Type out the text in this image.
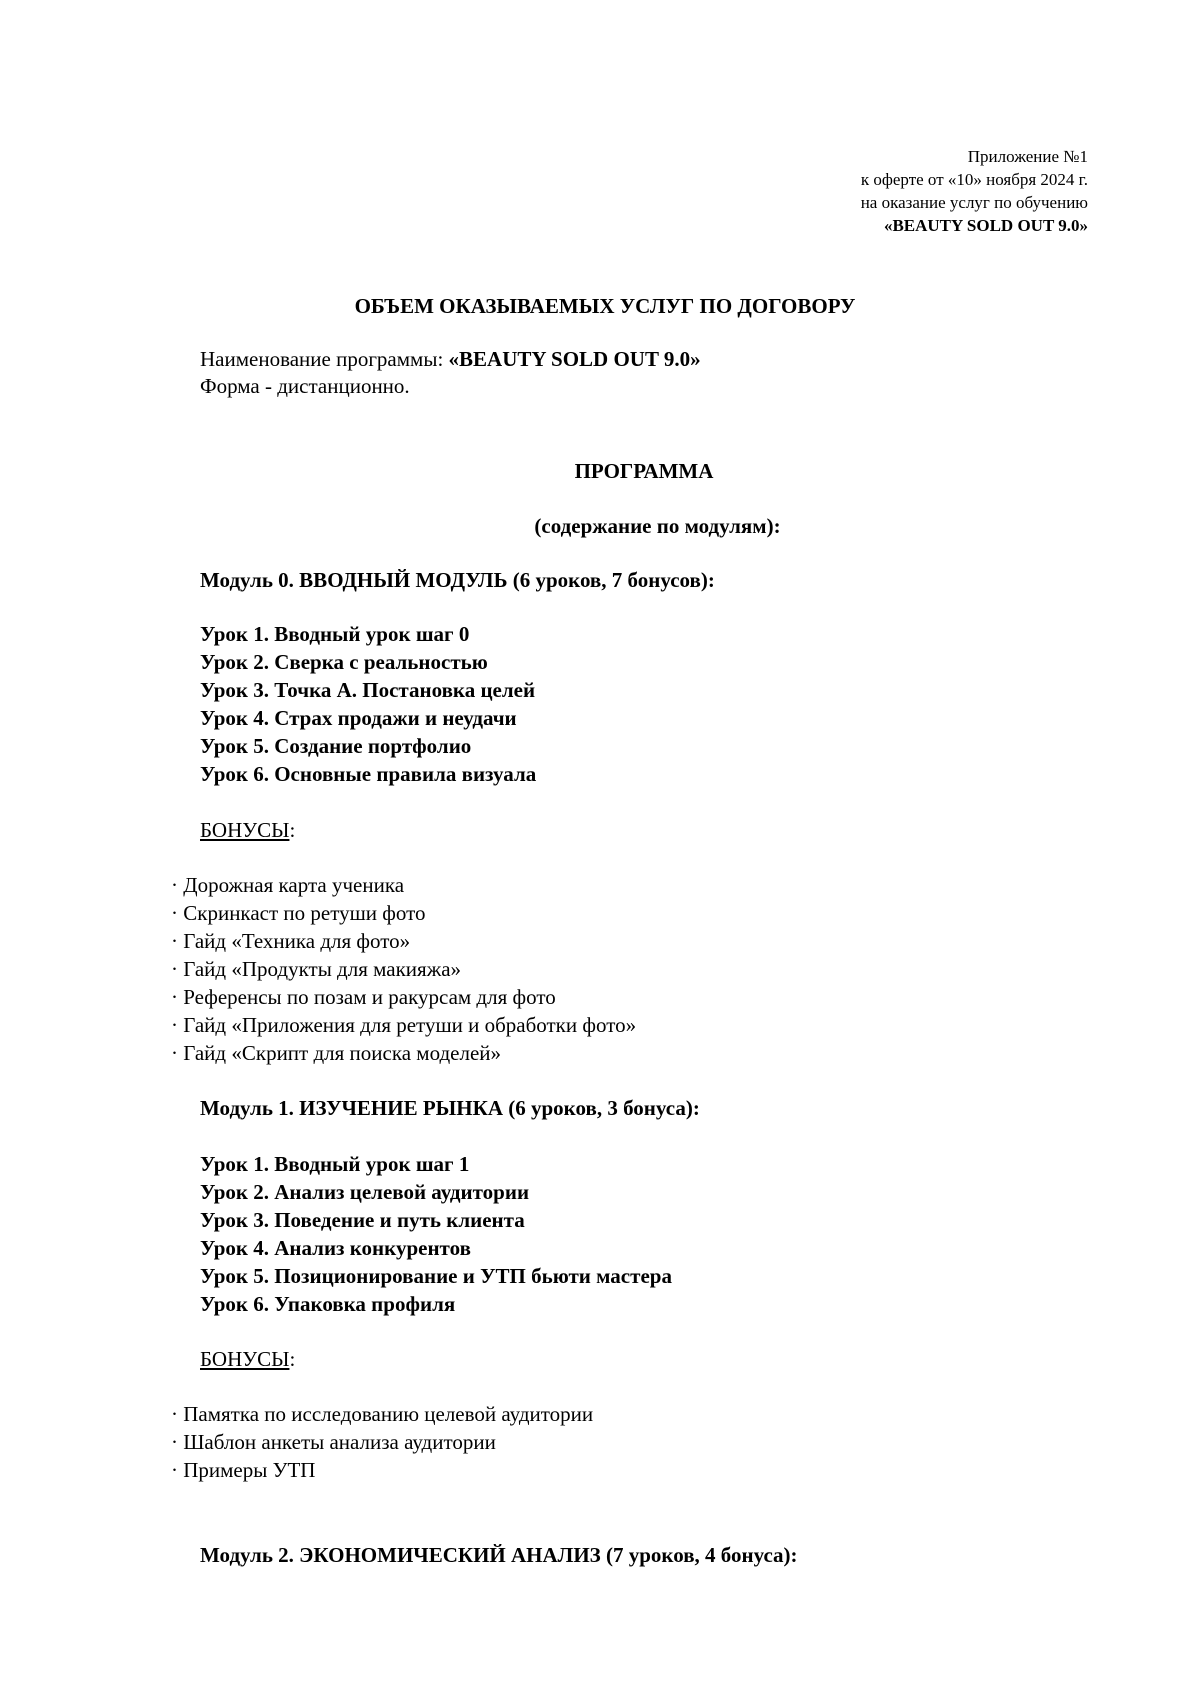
Приложение №1
к оферте от «10» ноября 2024 г.
на оказание услуг по обучению
«BEAUTY SOLD OUT 9.0»
ОБЪЕМ ОКАЗЫВАЕМЫХ УСЛУГ ПО ДОГОВОРУ
Наименование программы: «BEAUTY SOLD OUT 9.0»
Форма - дистанционно.
ПРОГРАММА
(содержание по модулям):
Модуль 0. ВВОДНЫЙ МОДУЛЬ (6 уроков, 7 бонусов):
Урок 1. Вводный урок шаг 0
Урок 2. Сверка с реальностью
Урок 3. Точка А. Постановка целей
Урок 4. Страх продажи и неудачи
Урок 5. Создание портфолио
Урок 6. Основные правила визуала
БОНУСЫ:
· Дорожная карта ученика
· Скринкаст по ретуши фото
· Гайд «Техника для фото»
· Гайд «Продукты для макияжа»
· Референсы по позам и ракурсам для фото
· Гайд «Приложения для ретуши и обработки фото»
· Гайд «Скрипт для поиска моделей»
Модуль 1. ИЗУЧЕНИЕ РЫНКА (6 уроков, 3 бонуса):
Урок 1. Вводный урок шаг 1
Урок 2. Анализ целевой аудитории
Урок 3. Поведение и путь клиента
Урок 4. Анализ конкурентов
Урок 5. Позиционирование и УТП бьюти мастера
Урок 6. Упаковка профиля
БОНУСЫ:
· Памятка по исследованию целевой аудитории
· Шаблон анкеты анализа аудитории
· Примеры УТП
Модуль 2. ЭКОНОМИЧЕСКИЙ АНАЛИЗ (7 уроков, 4 бонуса):
